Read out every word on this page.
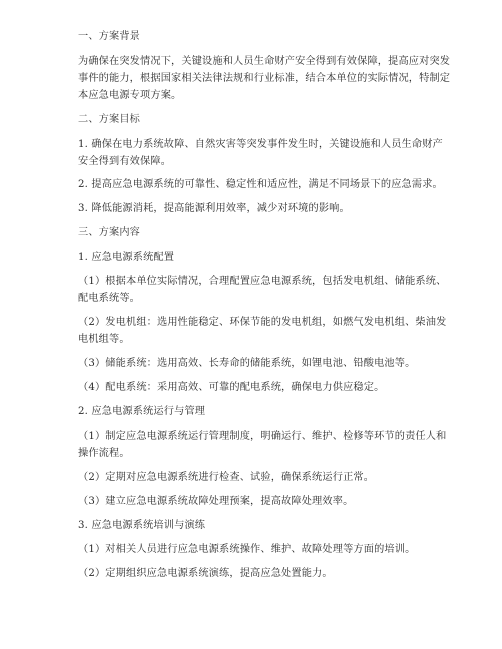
一、方案背景
为确保在突发情况下，关键设施和人员生命财产安全得到有效保障，提高应对突发
事件的能力，根据国家相关法律法规和行业标准，结合本单位的实际情况，特制定
本应急电源专项方案。
二、方案目标
1. 确保在电力系统故障、自然灾害等突发事件发生时，关键设施和人员生命财产
安全得到有效保障。
2. 提高应急电源系统的可靠性、稳定性和适应性，满足不同场景下的应急需求。
3. 降低能源消耗，提高能源利用效率，减少对环境的影响。
三、方案内容
1. 应急电源系统配置
（1）根据本单位实际情况，合理配置应急电源系统，包括发电机组、储能系统、
配电系统等。
（2）发电机组：选用性能稳定、环保节能的发电机组，如燃气发电机组、柴油发
电机组等。
（3）储能系统：选用高效、长寿命的储能系统，如锂电池、铅酸电池等。
（4）配电系统：采用高效、可靠的配电系统，确保电力供应稳定。
2. 应急电源系统运行与管理
（1）制定应急电源系统运行管理制度，明确运行、维护、检修等环节的责任人和
操作流程。
（2）定期对应急电源系统进行检查、试验，确保系统运行正常。
（3）建立应急电源系统故障处理预案，提高故障处理效率。
3. 应急电源系统培训与演练
（1）对相关人员进行应急电源系统操作、维护、故障处理等方面的培训。
（2）定期组织应急电源系统演练，提高应急处置能力。
